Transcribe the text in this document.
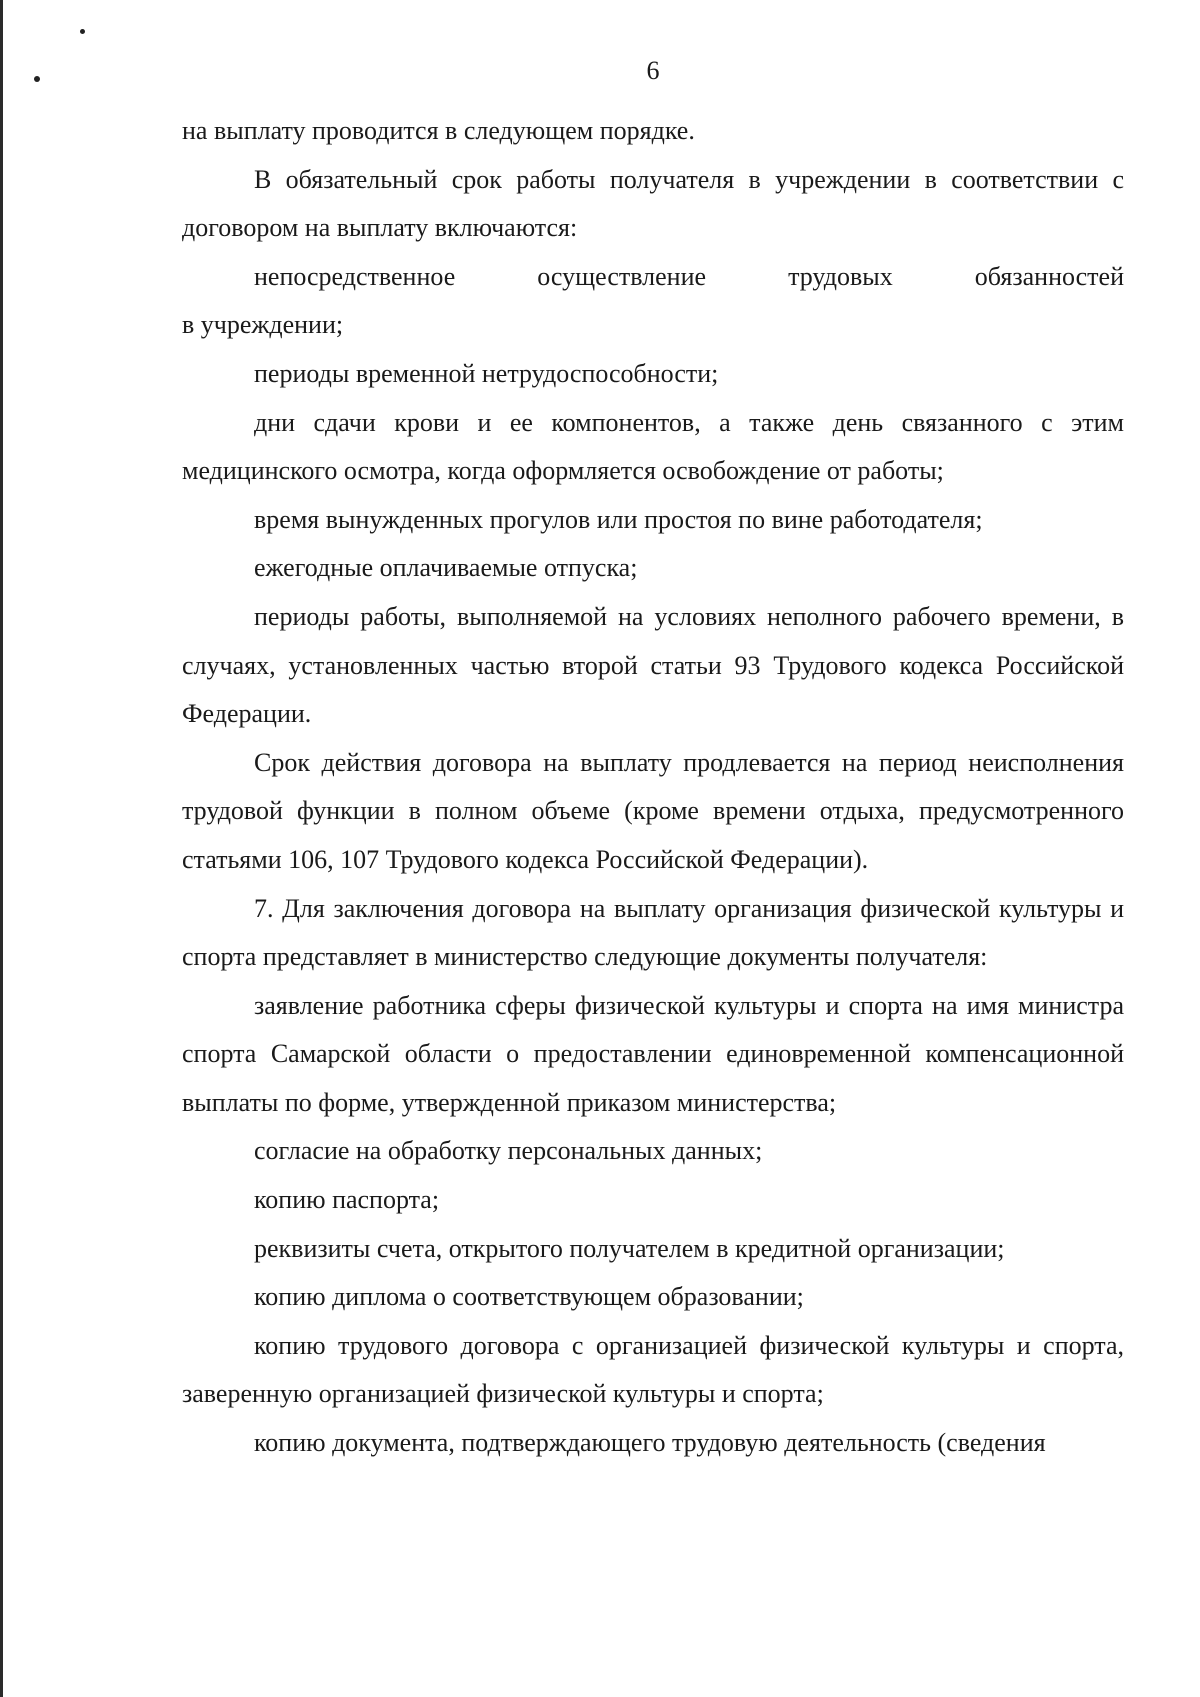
6

на выплату проводится в следующем порядке.

В обязательный срок работы получателя в учреждении в соответствии с договором на выплату включаются:

непосредственное осуществление трудовых обязанностей

в учреждении;

периоды временной нетрудоспособности;

дни сдачи крови и ее компонентов, а также день связанного с этим медицинского осмотра, когда оформляется освобождение от работы;

время вынужденных прогулов или простоя по вине работодателя;

ежегодные оплачиваемые отпуска;

периоды работы, выполняемой на условиях неполного рабочего времени, в случаях, установленных частью второй статьи 93 Трудового кодекса Российской Федерации.

Срок действия договора на выплату продлевается на период неисполнения трудовой функции в полном объеме (кроме времени отдыха, предусмотренного статьями 106, 107 Трудового кодекса Российской Федерации).

7. Для заключения договора на выплату организация физической культуры и спорта представляет в министерство следующие документы получателя:

заявление работника сферы физической культуры и спорта на имя министра спорта Самарской области о предоставлении единовременной компенсационной выплаты по форме, утвержденной приказом министерства;

согласие на обработку персональных данных;

копию паспорта;

реквизиты счета, открытого получателем в кредитной организации;

копию диплома о соответствующем образовании;

копию трудового договора с организацией физической культуры и спорта, заверенную организацией физической культуры и спорта;

копию документа, подтверждающего трудовую деятельность (сведения
